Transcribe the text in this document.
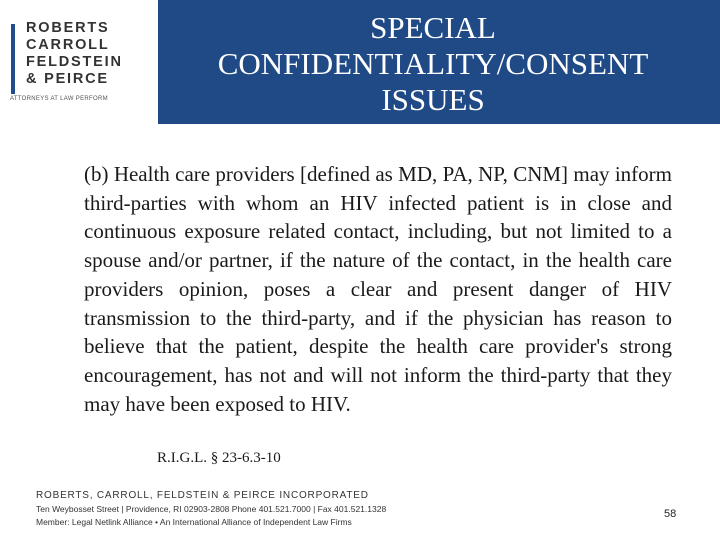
ROBERTS
CARROLL
FELDSTEIN
& PEIRCE
ATTORNEYS AT LAW PERFORM
SPECIAL
CONFIDENTIALITY/CONSENT
ISSUES

(b) Health care providers [defined as MD, PA, NP, CNM] may inform third-parties with whom an HIV infected patient is in close and continuous exposure related contact, including, but not limited to a spouse and/or partner, if the nature of the contact, in the health care providers opinion, poses a clear and present danger of HIV transmission to the third-party, and if the physician has reason to believe that the patient, despite the health care provider's strong encouragement, has not and will not inform the third-party that they may have been exposed to HIV.

R.I.G.L. § 23-6.3-10
ROBERTS, CARROLL, FELDSTEIN & PEIRCE INCORPORATED
Ten Weybosset Street | Providence, RI 02903-2808 Phone 401.521.7000 | Fax 401.521.1328
Member: Legal Netlink Alliance • An International Alliance of Independent Law Firms
58
